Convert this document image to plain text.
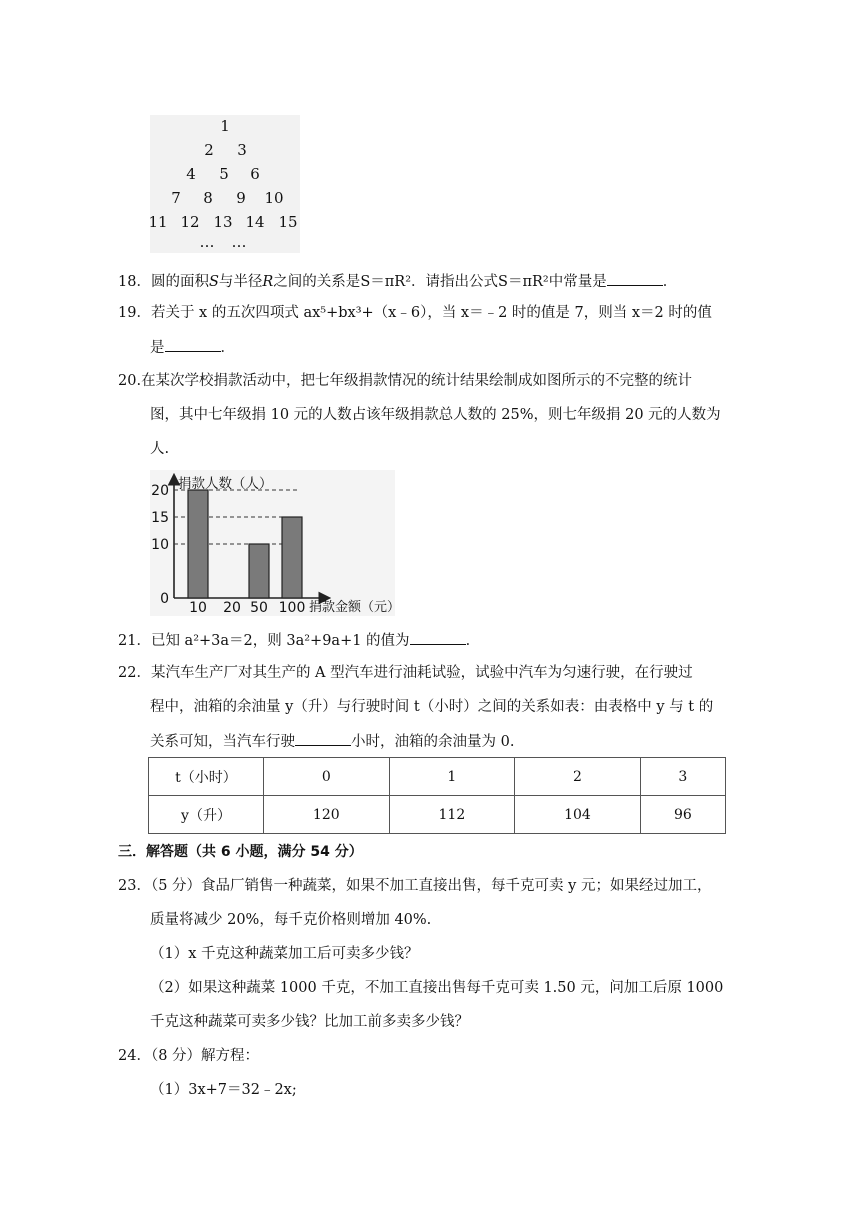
1
2 3
4 5 6
7 8 9 10
11 12 13 14 15
… …
18．圆的面积S与半径R之间的关系是S＝πR²．请指出公式S＝πR²中常量是	．
19．若关于 x 的五次四项式 ax⁵+bx³+（x﹣6），当 x＝﹣2 时的值是 7，则当 x＝2 时的值
是	．
20.在某次学校捐款活动中，把七年级捐款情况的统计结果绘制成如图所示的不完整的统计
图，其中七年级捐 10 元的人数占该年级捐款总人数的 25%，则七年级捐 20 元的人数为
人.
0
10
15
20
10 20 50 100
捐款人数（人）
捐款金额（元）
21．已知 a²+3a＝2，则 3a²+9a+1 的值为	．
22．某汽车生产厂对其生产的 A 型汽车进行油耗试验，试验中汽车为匀速行驶，在行驶过
程中，油箱的余油量 y（升）与行驶时间 t（小时）之间的关系如表：由表格中 y 与 t 的
关系可知，当汽车行驶	小时，油箱的余油量为 0.
t（小时）	0	1	2	3
y（升）	120	112	104	96
三．解答题（共 6 小题，满分 54 分）
23．（5 分）食品厂销售一种蔬菜，如果不加工直接出售，每千克可卖 y 元；如果经过加工，
质量将减少 20%，每千克价格则增加 40%.
（1）x 千克这种蔬菜加工后可卖多少钱？
（2）如果这种蔬菜 1000 千克，不加工直接出售每千克可卖 1.50 元，问加工后原 1000
千克这种蔬菜可卖多少钱？比加工前多卖多少钱？
24．（8 分）解方程：
（1）3x+7＝32﹣2x;
